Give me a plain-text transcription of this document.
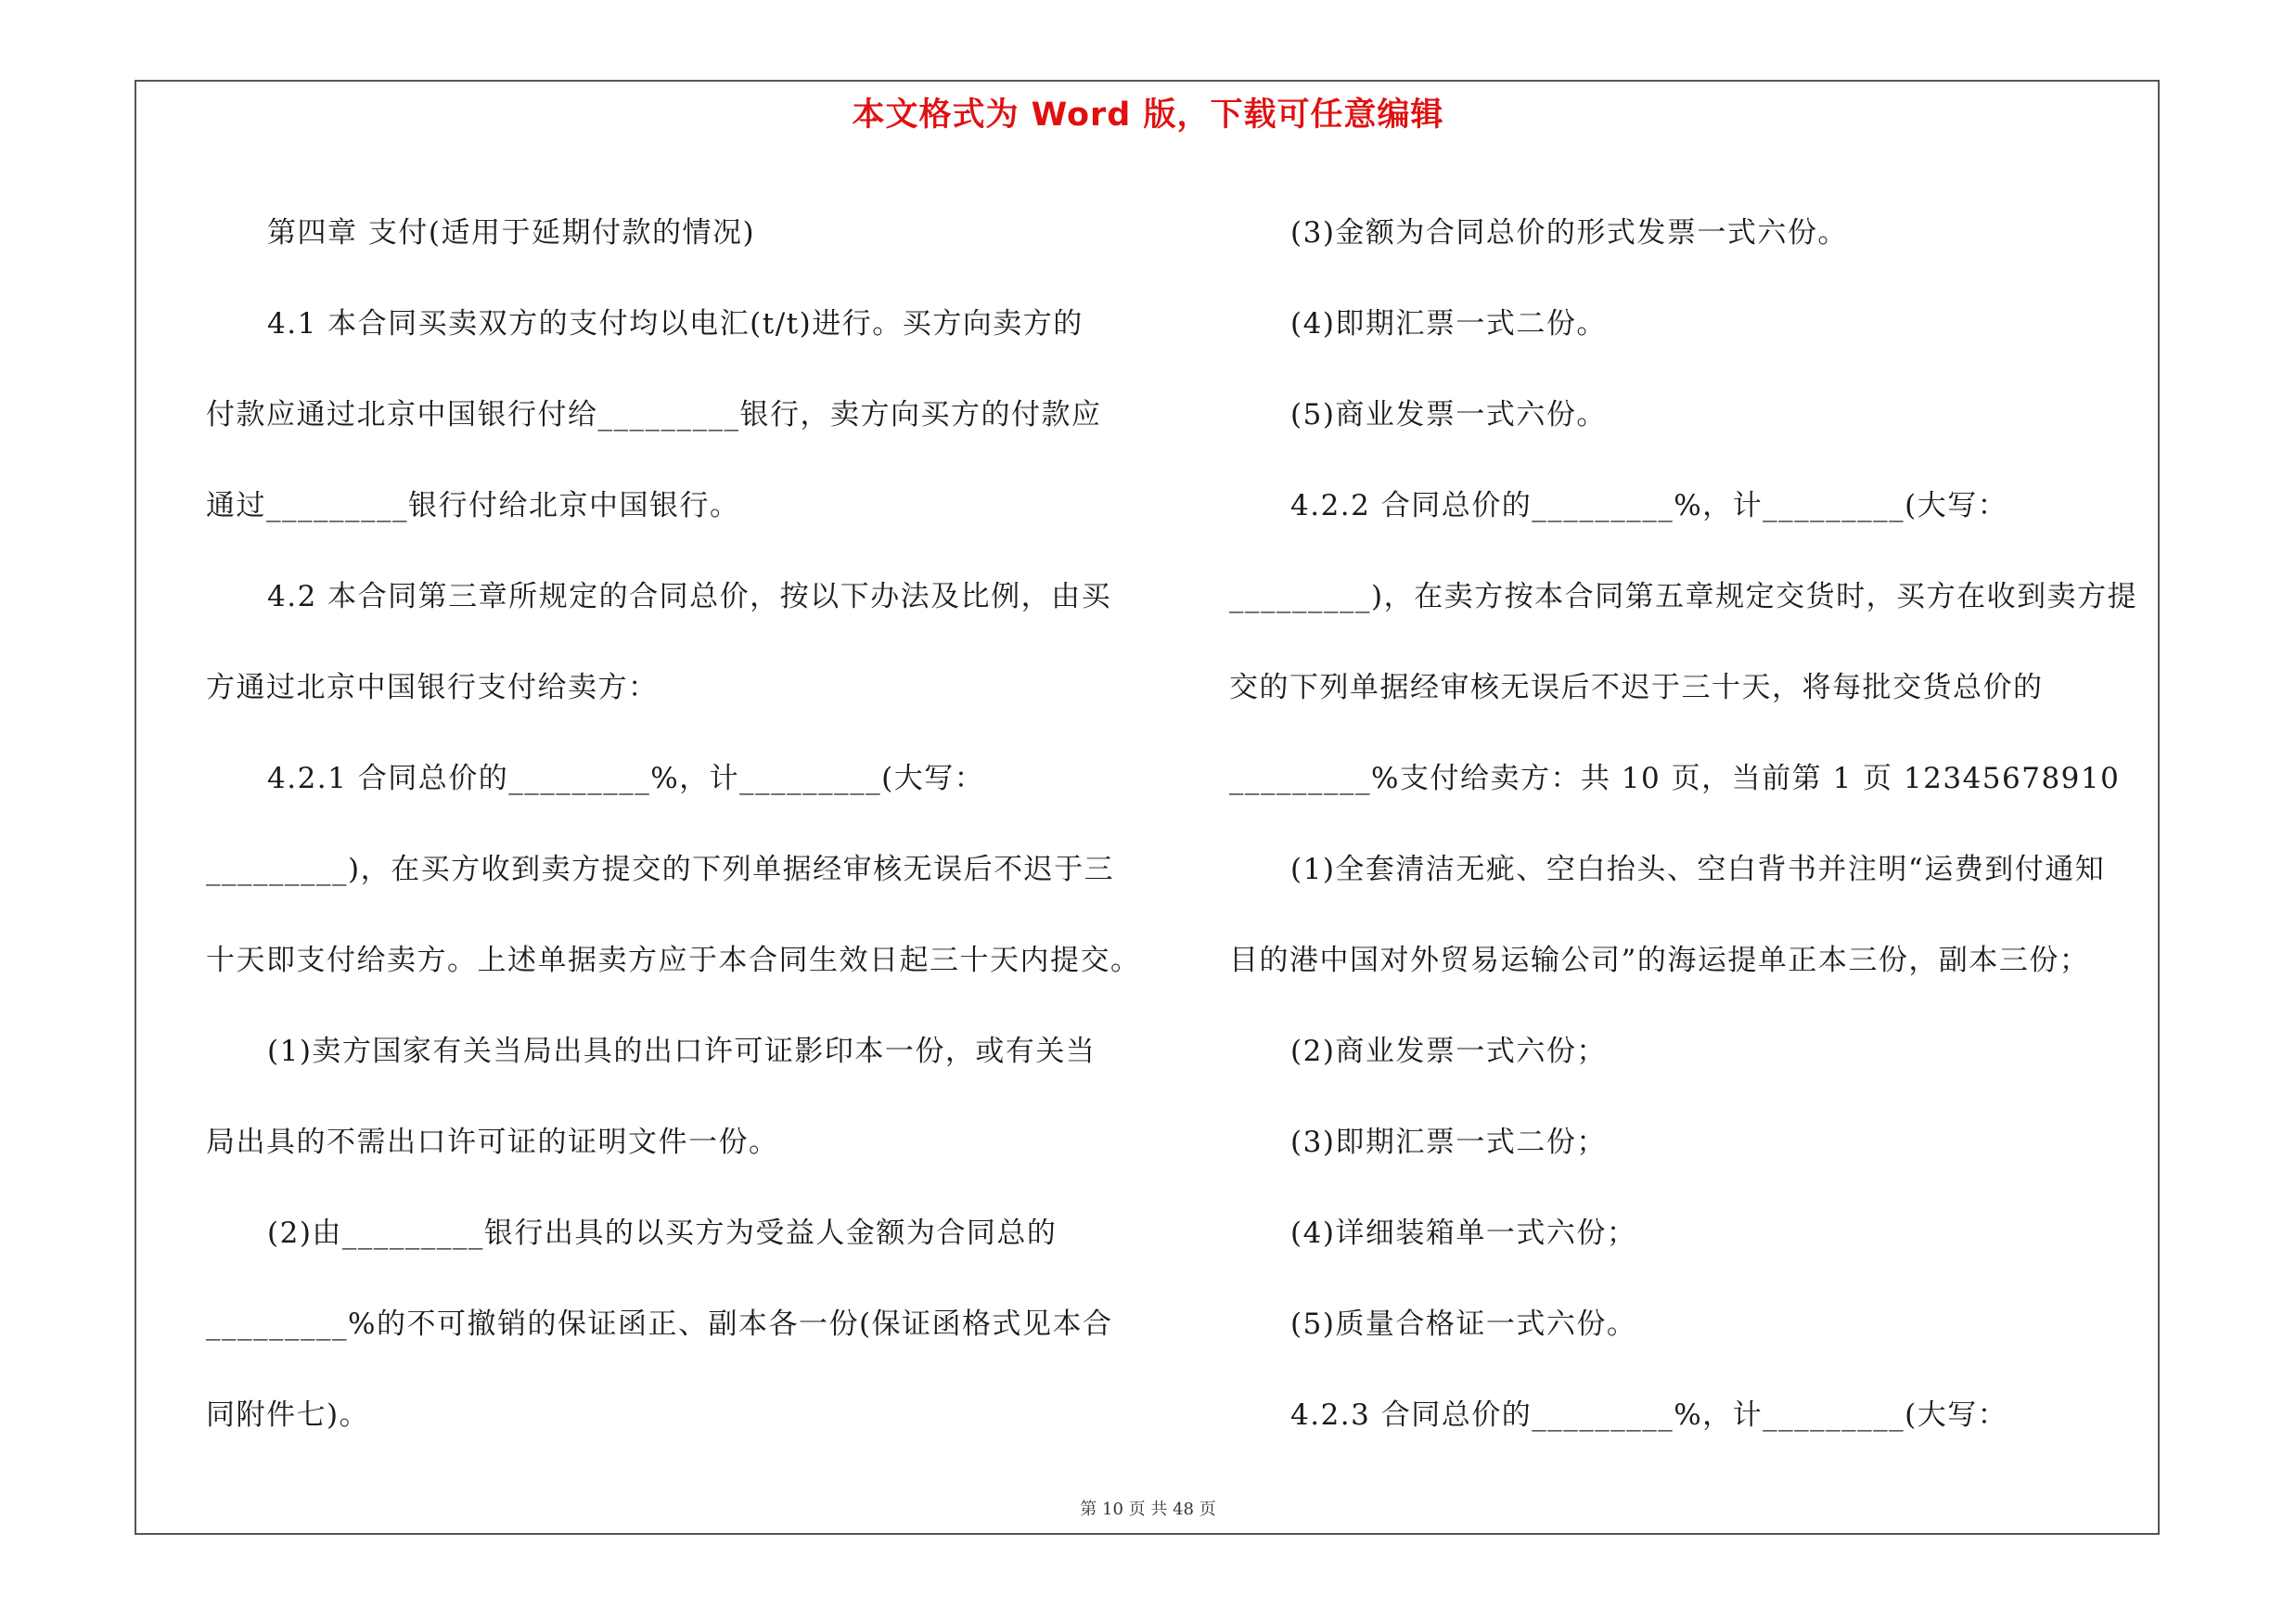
本文格式为 Word 版，下载可任意编辑
第四章 支付(适用于延期付款的情况)
4.1 本合同买卖双方的支付均以电汇(t/t)进行。买方向卖方的
付款应通过北京中国银行付给_________银行，卖方向买方的付款应
通过_________银行付给北京中国银行。
4.2 本合同第三章所规定的合同总价，按以下办法及比例，由买
方通过北京中国银行支付给卖方：
4.2.1 合同总价的_________%，计_________(大写：
_________)，在买方收到卖方提交的下列单据经审核无误后不迟于三
十天即支付给卖方。上述单据卖方应于本合同生效日起三十天内提交。
(1)卖方国家有关当局出具的出口许可证影印本一份，或有关当
局出具的不需出口许可证的证明文件一份。
(2)由_________银行出具的以买方为受益人金额为合同总的
_________%的不可撤销的保证函正、副本各一份(保证函格式见本合
同附件七)。
(3)金额为合同总价的形式发票一式六份。
(4)即期汇票一式二份。
(5)商业发票一式六份。
4.2.2 合同总价的_________%，计_________(大写：
_________)，在卖方按本合同第五章规定交货时，买方在收到卖方提
交的下列单据经审核无误后不迟于三十天，将每批交货总价的
_________%支付给卖方：共 10 页，当前第 1 页 12345678910
(1)全套清洁无疵、空白抬头、空白背书并注明“运费到付通知
目的港中国对外贸易运输公司”的海运提单正本三份，副本三份；
(2)商业发票一式六份；
(3)即期汇票一式二份；
(4)详细装箱单一式六份；
(5)质量合格证一式六份。
4.2.3 合同总价的_________%，计_________(大写：
第 10 页 共 48 页
